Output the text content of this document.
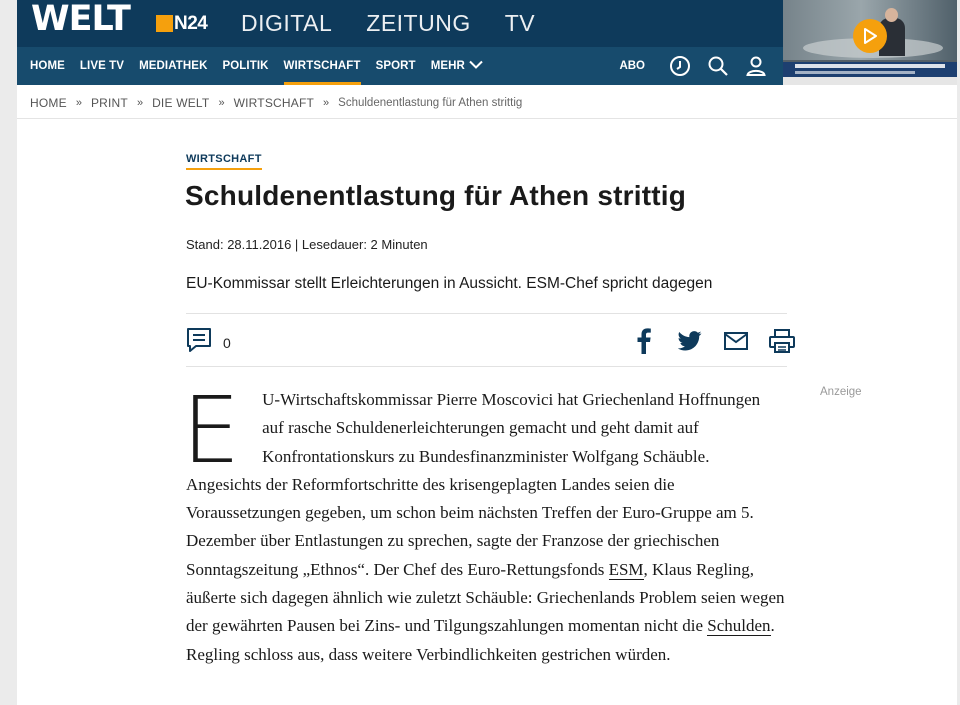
WELT N24 DIGITAL ZEITUNG TV
HOME LIVE TV MEDIATHEK POLITIK WIRTSCHAFT SPORT MEHR	ABO
HOME » PRINT » DIE WELT » WIRTSCHAFT » Schuldenentlastung für Athen strittig
WIRTSCHAFT
Schuldenentlastung für Athen strittig
Stand: 28.11.2016 | Lesedauer: 2 Minuten
EU-Kommissar stellt Erleichterungen in Aussicht. ESM-Chef spricht dagegen
0
Anzeige
E U-Wirtschaftskommissar Pierre Moscovici hat Griechenland Hoffnungen auf rasche Schuldenerleichterungen gemacht und geht damit auf Konfrontationskurs zu Bundesfinanzminister Wolfgang Schäuble. Angesichts der Reformfortschritte des krisengeplagten Landes seien die Voraussetzungen gegeben, um schon beim nächsten Treffen der Euro-Gruppe am 5. Dezember über Entlastungen zu sprechen, sagte der Franzose der griechischen Sonntagszeitung „Ethnos“. Der Chef des Euro-Rettungsfonds ESM, Klaus Regling, äußerte sich dagegen ähnlich wie zuletzt Schäuble: Griechenlands Problem seien wegen der gewährten Pausen bei Zins- und Tilgungszahlungen momentan nicht die Schulden. Regling schloss aus, dass weitere Verbindlichkeiten gestrichen würden.
